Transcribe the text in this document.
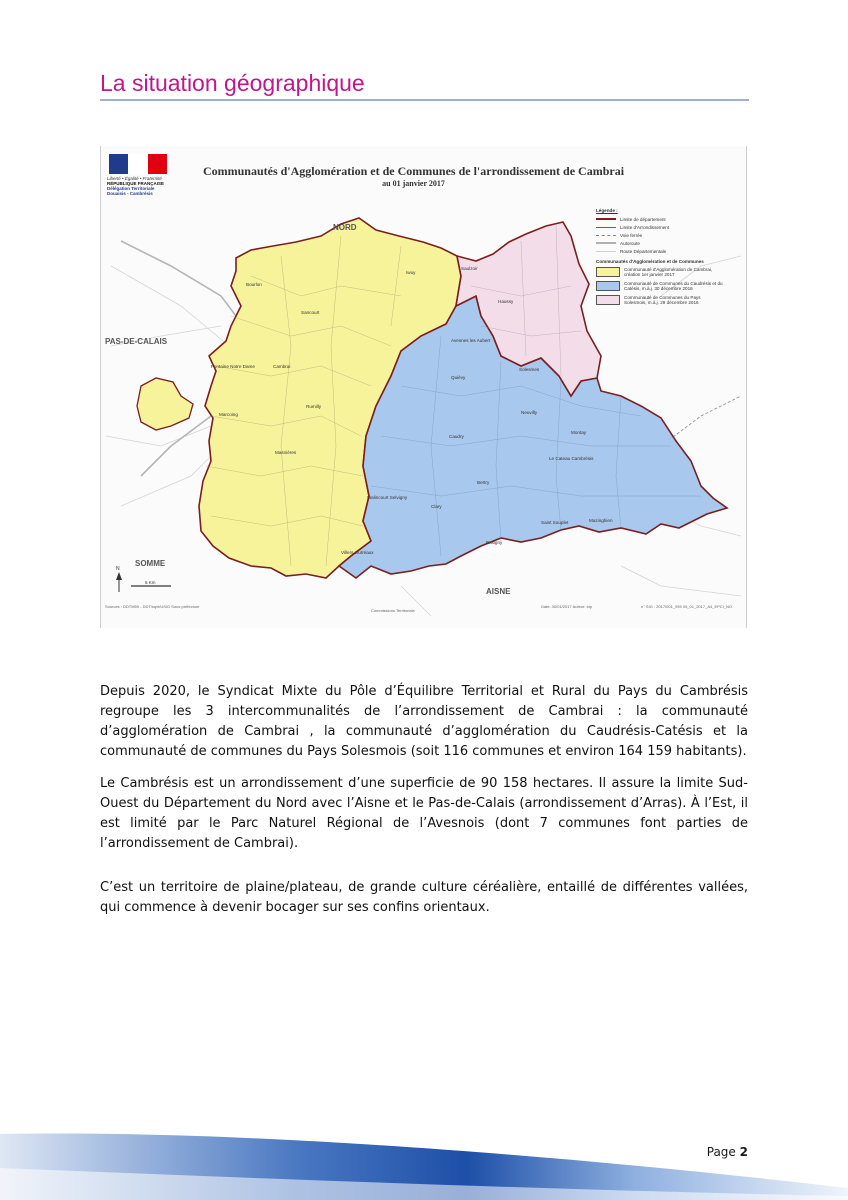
La situation géographique
Liberté • Égalité • Fraternité
RÉPUBLIQUE FRANÇAISE
Délégation Territoriale
Douaisis - Cambrésis
Communautés d'Agglomération et de Communes de l'arrondissement de Cambrai
au 01 janvier 2017
NORD
PAS-DE-CALAIS
SOMME
AISNE
Cambrai
Caudry
Le Cateau Cambrésis
Solesmes
Marcoing
Masnières
Walincourt Selvigny
Clary
Avesnes les Aubert
Busigny
Bertry
Quiévy
Villers Outréaux
Saint Souplet
Fontaine Notre Dame
Haussy
Saulzoir
Montay
Mazinghien
Rumilly
Iwuy
Neuvilly
Bourlon
Sancourt
N
5 Km
Sources : DDTM59 - DDT/sqvt/USIG Sous préfecture
Commissions Territoriale
Date: 30/01/2017 Auteur: ldp	n° SIG : 2017/001_939 05_01_2017_A4_EPCI_NO
Légende :
Limite de département
Limite d'Arrondissement
Voie ferrée
Autoroute
Route Départementale
Communautés d'Agglomération et de Communes
Communauté d'Agglomération de Cambrai, création 1er janvier 2017
Communauté de Communes du Caudrésis et du Catésis, m.à.j. 30 décembre 2016
Communauté de Communes du Pays Solesmois, m.à.j. 29 décembre 2016

Depuis 2020, le Syndicat Mixte du Pôle d’Équilibre Territorial et Rural du Pays du Cambrésis regroupe les 3 intercommunalités de l’arrondissement de Cambrai : la communauté d’agglomération de Cambrai , la communauté d’agglomération du Caudrésis-Catésis et la communauté de communes du Pays Solesmois (soit 116 communes et environ 164 159 habitants).

Le Cambrésis est un arrondissement d’une superficie de 90 158 hectares. Il assure la limite Sud-Ouest du Département du Nord avec l’Aisne et le Pas-de-Calais (arrondissement d’Arras). À l’Est, il est limité par le Parc Naturel Régional de l’Avesnois (dont 7 communes font parties de l’arrondissement de Cambrai).

C’est un territoire de plaine/plateau, de grande culture céréalière, entaillé de différentes vallées, qui commence à devenir bocager sur ses confins orientaux.

Page 2
